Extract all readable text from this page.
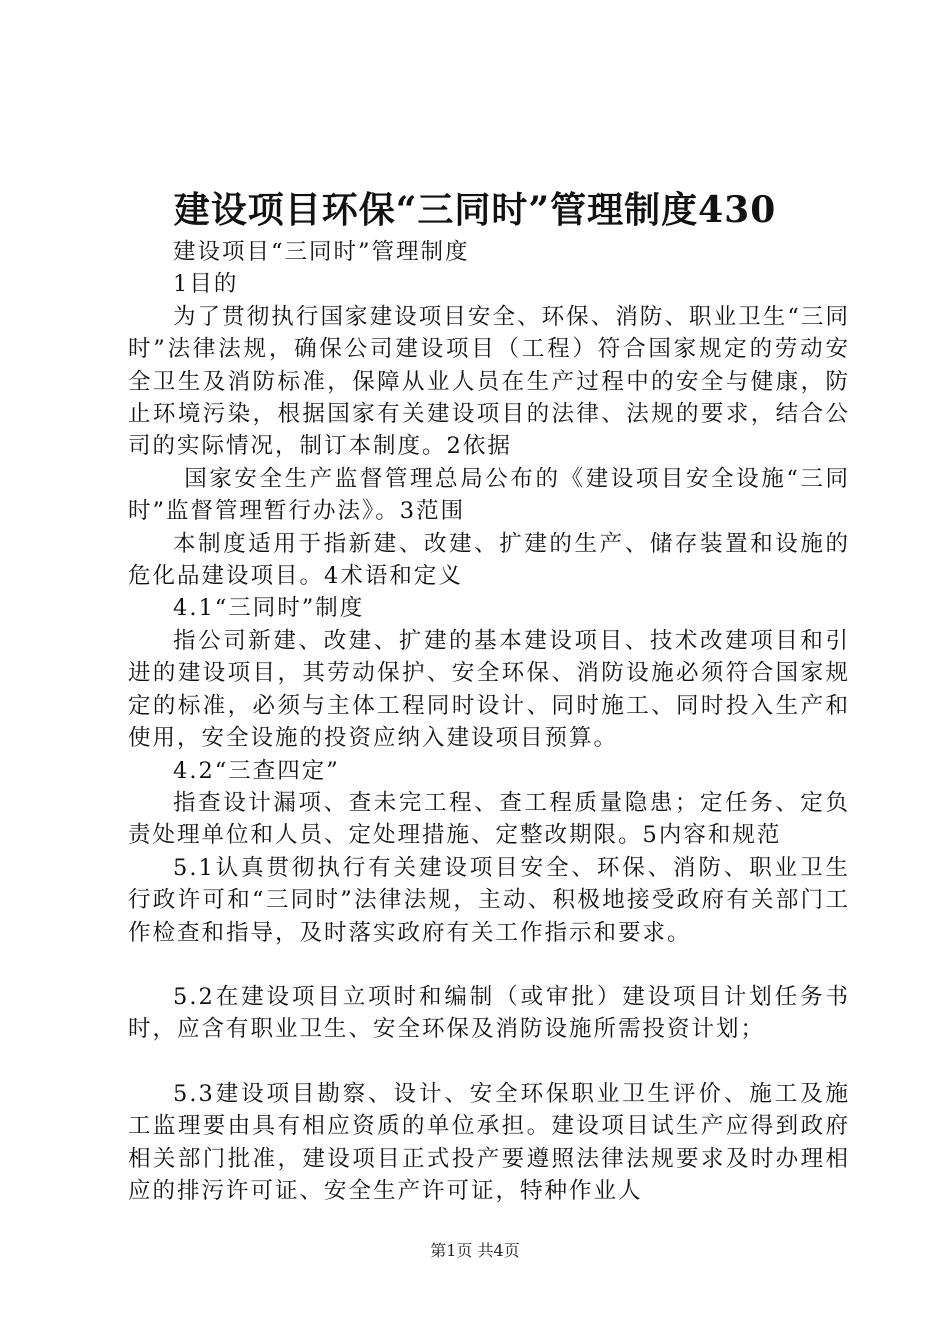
建设项目环保“三同时”管理制度430

建设项目“三同时”管理制度

1目的

为了贯彻执行国家建设项目安全、环保、消防、职业卫生“三同时”法律法规，确保公司建设项目（工程）符合国家规定的劳动安全卫生及消防标准，保障从业人员在生产过程中的安全与健康，防止环境污染，根据国家有关建设项目的法律、法规的要求，结合公司的实际情况，制订本制度。2依据

国家安全生产监督管理总局公布的《建设项目安全设施“三同时”监督管理暂行办法》。3范围

本制度适用于指新建、改建、扩建的生产、储存装置和设施的危化品建设项目。4术语和定义

4.1“三同时”制度

指公司新建、改建、扩建的基本建设项目、技术改建项目和引进的建设项目，其劳动保护、安全环保、消防设施必须符合国家规定的标准，必须与主体工程同时设计、同时施工、同时投入生产和使用，安全设施的投资应纳入建设项目预算。

4.2“三查四定”

指查设计漏项、查未完工程、查工程质量隐患；定任务、定负责处理单位和人员、定处理措施、定整改期限。5内容和规范

5.1认真贯彻执行有关建设项目安全、环保、消防、职业卫生行政许可和“三同时”法律法规，主动、积极地接受政府有关部门工作检查和指导，及时落实政府有关工作指示和要求。

5.2在建设项目立项时和编制（或审批）建设项目计划任务书时，应含有职业卫生、安全环保及消防设施所需投资计划；

5.3建设项目勘察、设计、安全环保职业卫生评价、施工及施工监理要由具有相应资质的单位承担。建设项目试生产应得到政府相关部门批准，建设项目正式投产要遵照法律法规要求及时办理相应的排污许可证、安全生产许可证，特种作业人

第1页 共4页
